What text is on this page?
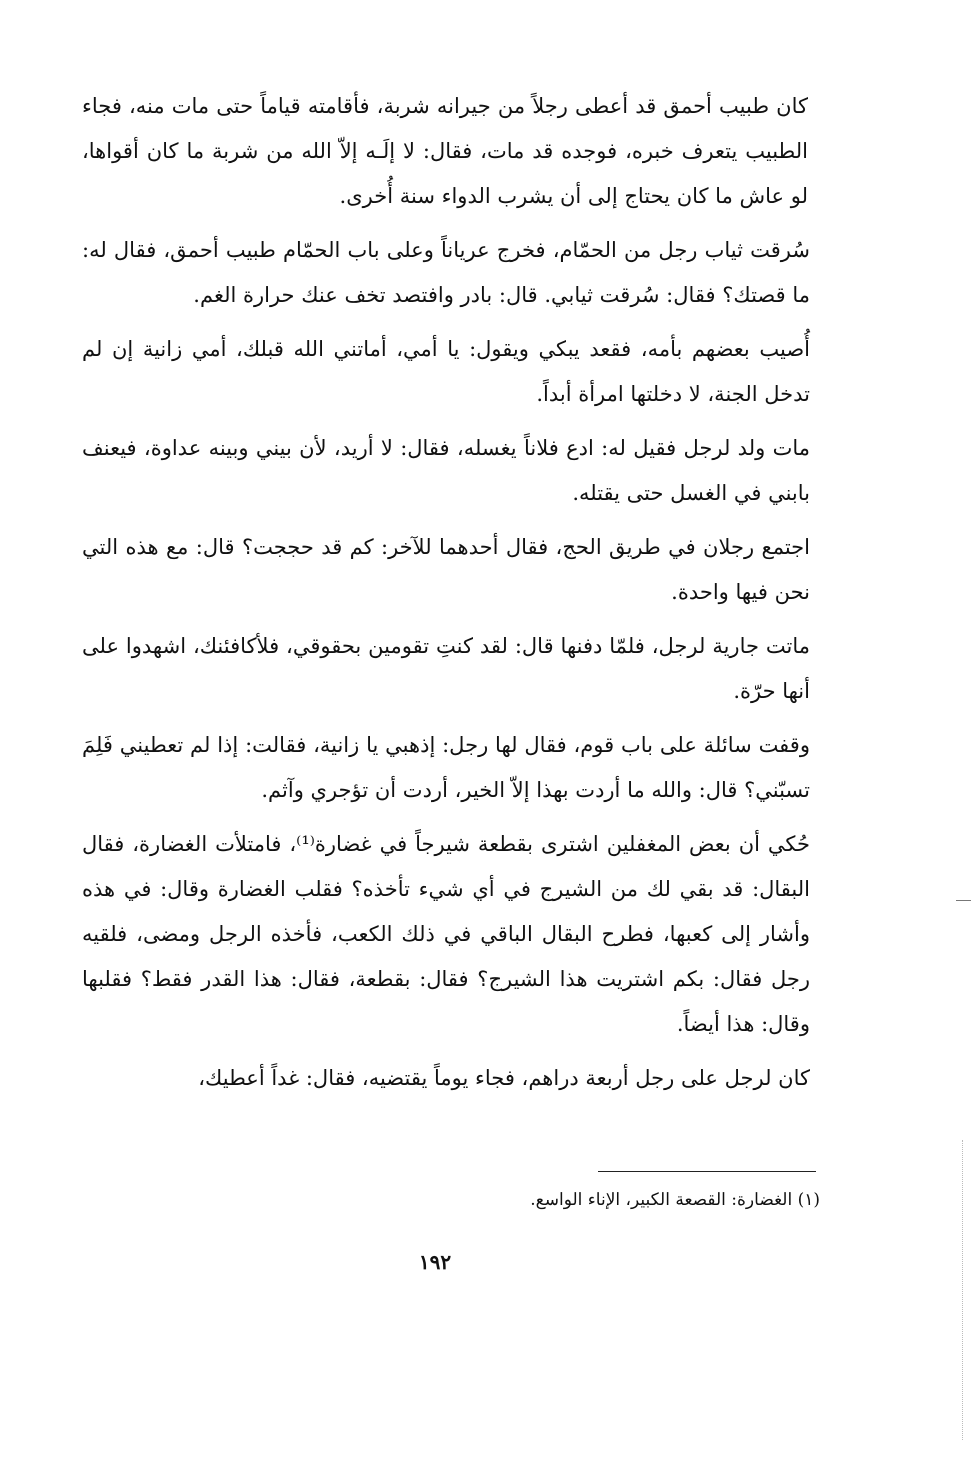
كان طبيب أحمق قد أعطى رجلاً من جيرانه شربة، فأقامته قياماً حتى مات منه، فجاء الطبيب يتعرف خبره، فوجده قد مات، فقال: لا إلَـه إلاّ الله من شربة ما كان أقواها، لو عاش ما كان يحتاج إلى أن يشرب الدواء سنة أُخرى.

سُرقت ثياب رجل من الحمّام، فخرج عرياناً وعلى باب الحمّام طبيب أحمق، فقال له: ما قصتك؟ فقال: سُرقت ثيابي. قال: بادر وافتصد تخف عنك حرارة الغم.

أُصيب بعضهم بأمه، فقعد يبكي ويقول: يا أمي، أماتني الله قبلك، أمي زانية إن لم تدخل الجنة، لا دخلتها امرأة أبداً.

مات ولد لرجل فقيل له: ادع فلاناً يغسله، فقال: لا أريد، لأن بيني وبينه عداوة، فيعنف بابني في الغسل حتى يقتله.

اجتمع رجلان في طريق الحج، فقال أحدهما للآخر: كم قد حججت؟ قال: مع هذه التي نحن فيها واحدة.

ماتت جارية لرجل، فلمّا دفنها قال: لقد كنتِ تقومين بحقوقي، فلأكافئنك، اشهدوا على أنها حرّة.

وقفت سائلة على باب قوم، فقال لها رجل: إذهبي يا زانية، فقالت: إذا لم تعطيني فَلِمَ تسبّني؟ قال: والله ما أردت بهذا إلاّ الخير، أردت أن تؤجري وآثم.

حُكي أن بعض المغفلين اشترى بقطعة شيرجاً في غضارة⁽¹⁾، فامتلأت الغضارة، فقال البقال: قد بقي لك من الشيرج في أي شيء تأخذه؟ فقلب الغضارة وقال: في هذه وأشار إلى كعبها، فطرح البقال الباقي في ذلك الكعب، فأخذه الرجل ومضى، فلقيه رجل فقال: بكم اشتريت هذا الشيرج؟ فقال: بقطعة، فقال: هذا القدر فقط؟ فقلبها وقال: هذا أيضاً.

كان لرجل على رجل أربعة دراهم، فجاء يوماً يقتضيه، فقال: غداً أعطيك،

(١) الغضارة: القصعة الكبير، الإناء الواسع.
١٩٢
